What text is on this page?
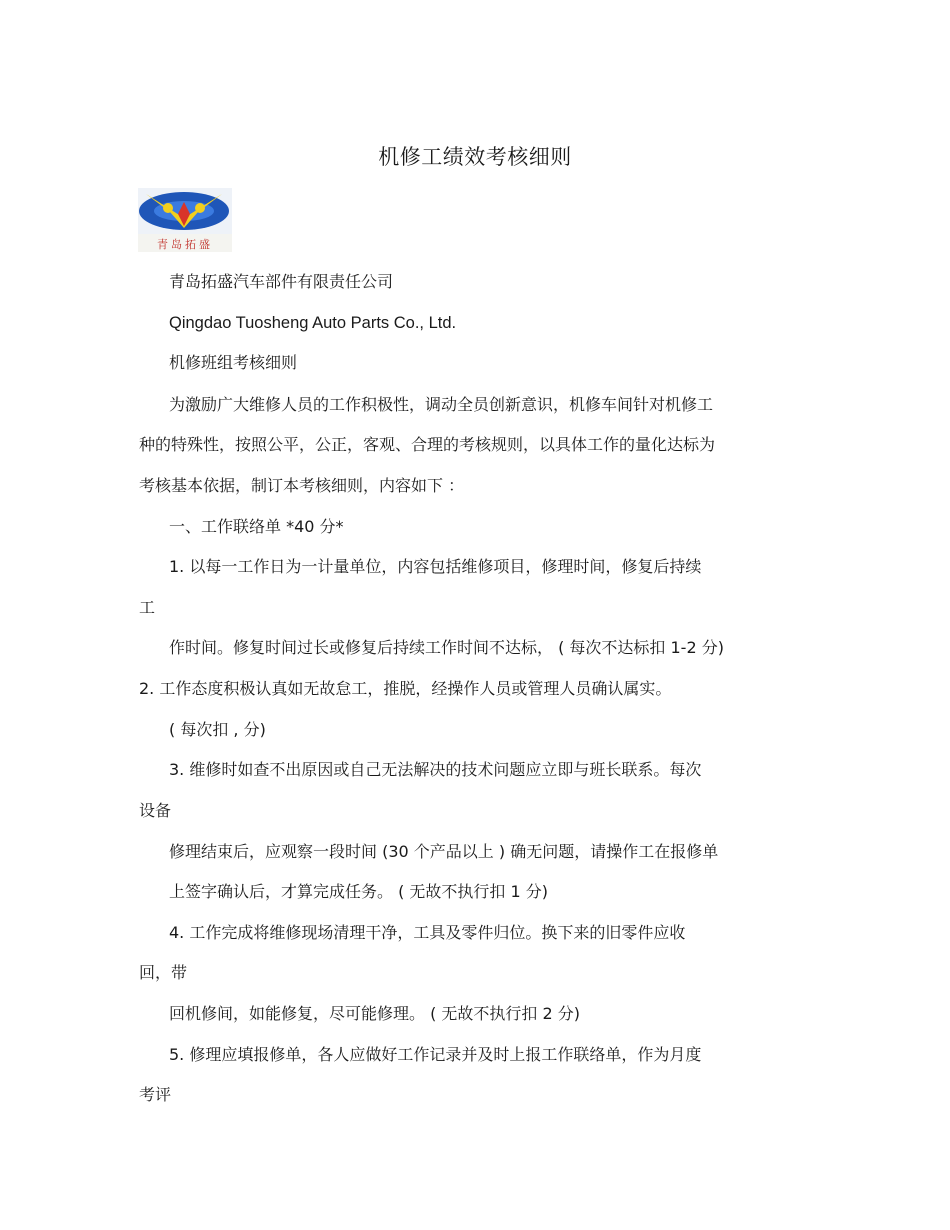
机修工绩效考核细则
青岛拓盛
青岛拓盛汽车部件有限责任公司
Qingdao Tuosheng Auto Parts Co., Ltd.
机修班组考核细则
为激励广大维修人员的工作积极性，调动全员创新意识，机修车间针对机修工
种的特殊性，按照公平，公正，客观、合理的考核规则，以具体工作的量化达标为
考核基本依据，制订本考核细则，内容如下 ：
一、工作联络单 *40 分*
1. 以每一工作日为一计量单位，内容包括维修项目，修理时间，修复后持续
工
作时间。修复时间过长或修复后持续工作时间不达标， ( 每次不达标扣 1-2 分)
2. 工作态度积极认真如无故怠工，推脱，经操作人员或管理人员确认属实。
( 每次扣 , 分)
3. 维修时如查不出原因或自己无法解决的技术问题应立即与班长联系。每次
设备
修理结束后，应观察一段时间 (30 个产品以上 ) 确无问题，请操作工在报修单
上签字确认后，才算完成任务。 ( 无故不执行扣 1 分)
4. 工作完成将维修现场清理干净，工具及零件归位。换下来的旧零件应收
回，带
回机修间，如能修复，尽可能修理。 ( 无故不执行扣 2 分)
5. 修理应填报修单，各人应做好工作记录并及时上报工作联络单，作为月度
考评
